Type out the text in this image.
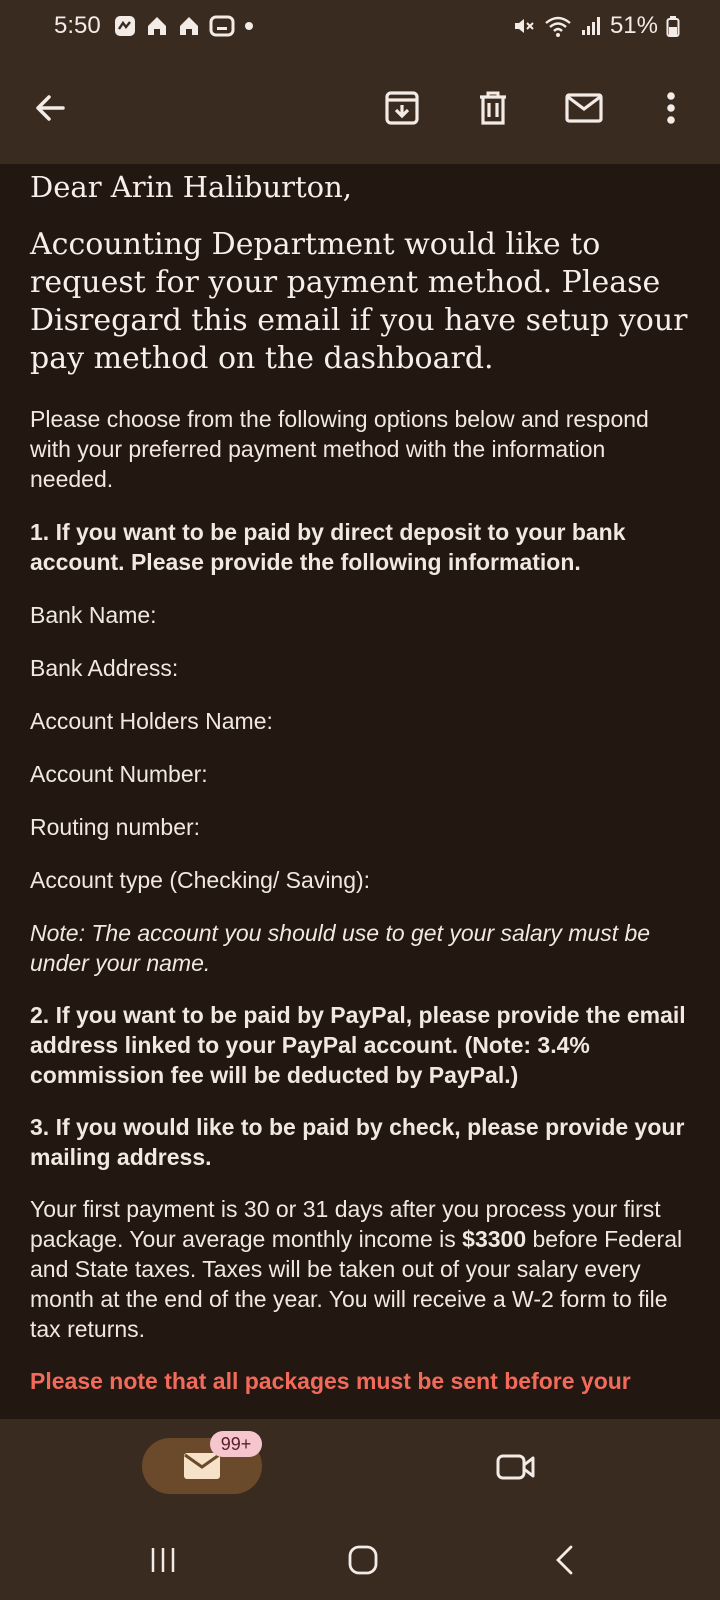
5:50	51%
Dear Arin Haliburton,
Accounting Department would like to request for your payment method. Please Disregard this email if you have setup your pay method on the dashboard.
Please choose from the following options below and respond with your preferred payment method with the information needed.
1. If you want to be paid by direct deposit to your bank account. Please provide the following information.
Bank Name:
Bank Address:
Account Holders Name:
Account Number:
Routing number:
Account type (Checking/ Saving):
Note: The account you should use to get your salary must be under your name.
2. If you want to be paid by PayPal, please provide the email address linked to your PayPal account. (Note: 3.4% commission fee will be deducted by PayPal.)
3. If you would like to be paid by check, please provide your mailing address.
Your first payment is 30 or 31 days after you process your first package. Your average monthly income is $3300 before Federal and State taxes. Taxes will be taken out of your salary every month at the end of the year. You will receive a W-2 form to file tax returns.
Please note that all packages must be sent before your
99+
